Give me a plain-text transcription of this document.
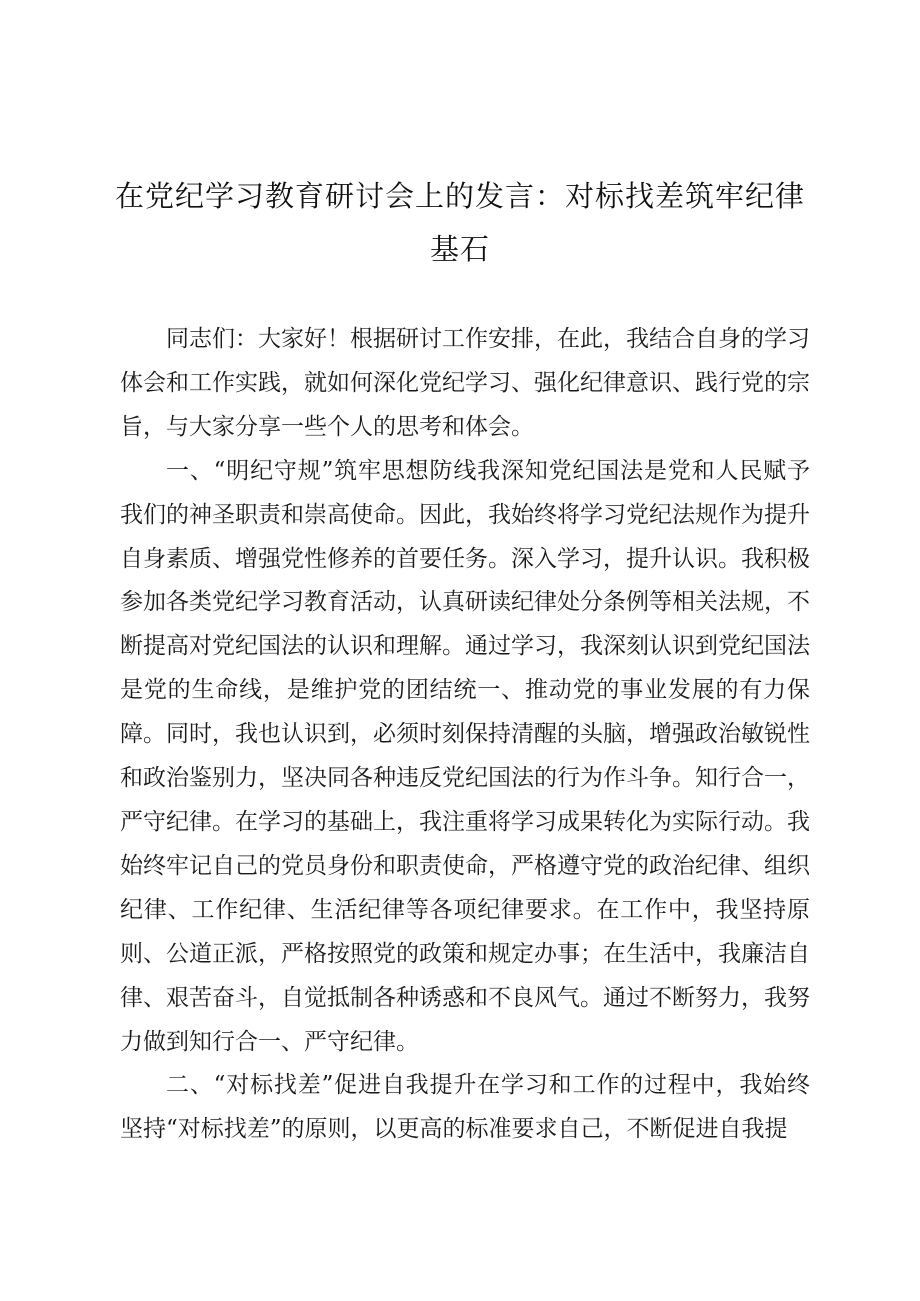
在党纪学习教育研讨会上的发言：对标找差筑牢纪律
基石

同志们：大家好！根据研讨工作安排，在此，我结合自身的学习体会和工作实践，就如何深化党纪学习、强化纪律意识、践行党的宗旨，与大家分享一些个人的思考和体会。

一、“明纪守规”筑牢思想防线我深知党纪国法是党和人民赋予我们的神圣职责和崇高使命。因此，我始终将学习党纪法规作为提升自身素质、增强党性修养的首要任务。深入学习，提升认识。我积极参加各类党纪学习教育活动，认真研读纪律处分条例等相关法规，不断提高对党纪国法的认识和理解。通过学习，我深刻认识到党纪国法是党的生命线，是维护党的团结统一、推动党的事业发展的有力保障。同时，我也认识到，必须时刻保持清醒的头脑，增强政治敏锐性和政治鉴别力，坚决同各种违反党纪国法的行为作斗争。知行合一，严守纪律。在学习的基础上，我注重将学习成果转化为实际行动。我始终牢记自己的党员身份和职责使命，严格遵守党的政治纪律、组织纪律、工作纪律、生活纪律等各项纪律要求。在工作中，我坚持原则、公道正派，严格按照党的政策和规定办事；在生活中，我廉洁自律、艰苦奋斗，自觉抵制各种诱惑和不良风气。通过不断努力，我努力做到知行合一、严守纪律。

二、“对标找差”促进自我提升在学习和工作的过程中，我始终坚持“对标找差”的原则，以更高的标准要求自己，不断促进自我提
